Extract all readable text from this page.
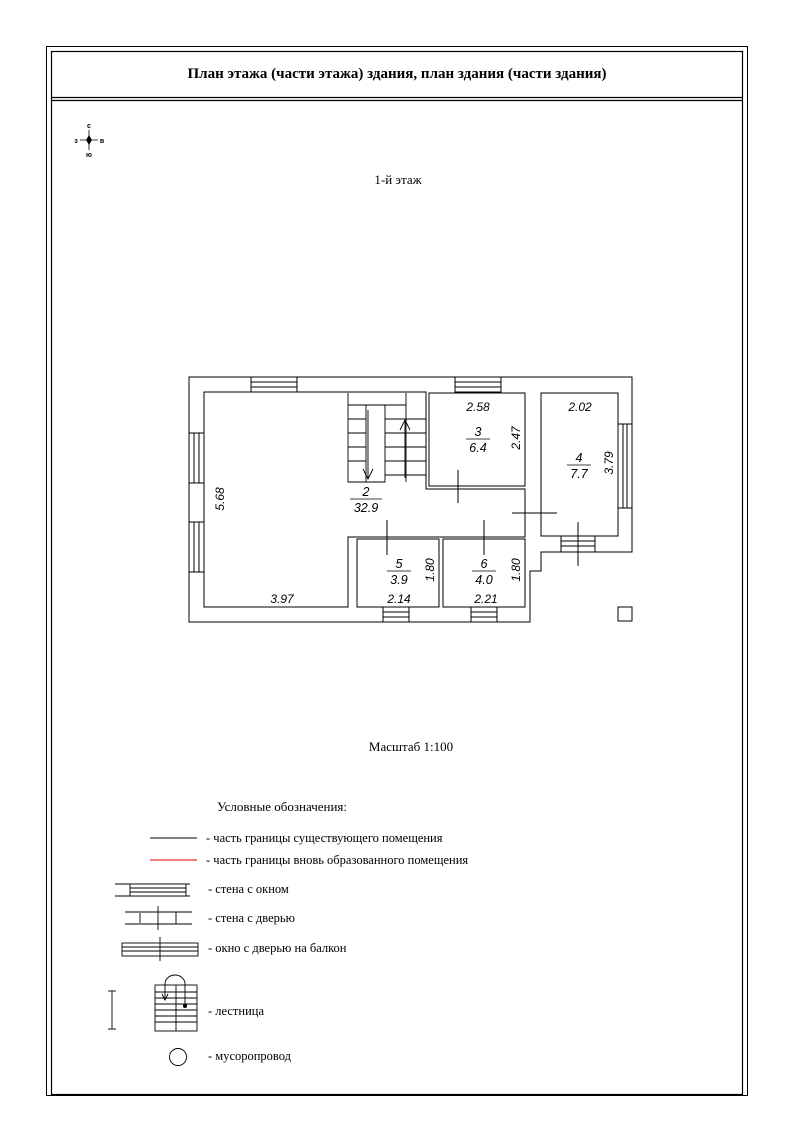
План этажа (части этажа) здания, план здания (части здания)
с
ю
з	в
1-й этаж
2
32.9
3
6.4
4
7.7
5
3.9
6
4.0
5.68
3.97
2.58
2.47
2.02
3.79
2.14
1.80
2.21
1.80
Масштаб 1:100
Условные обозначения:
- часть границы существующего помещения
- часть границы вновь образованного помещения
- стена с окном
- стена с дверью
- окно с дверью на балкон
- лестница
- мусоропровод
